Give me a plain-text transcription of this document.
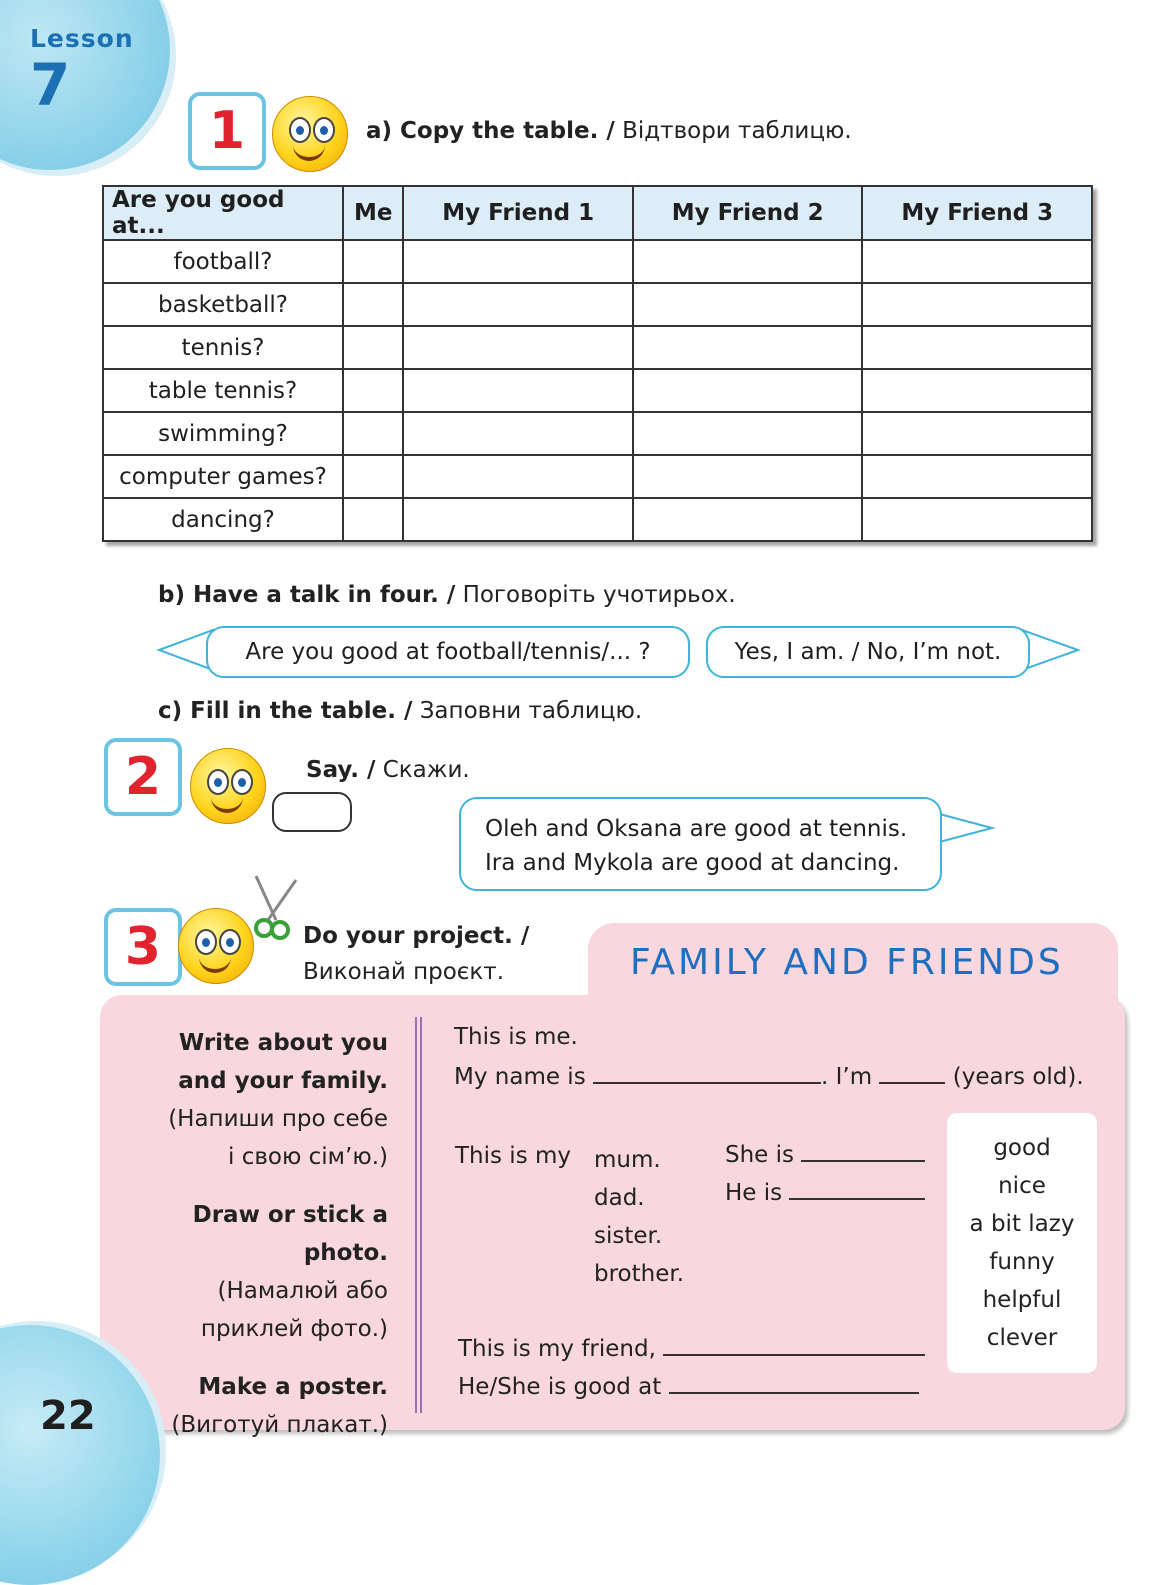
Lesson
7
1	a) Copy the table. / Відтвори таблицю.
Are you good at...	Me	My Friend 1	My Friend 2	My Friend 3
football?				
basketball?				
tennis?				
table tennis?				
swimming?				
computer games?				
dancing?				
b) Have a talk in four. / Поговоріть учотирьох.
Are you good at football/tennis/... ?	Yes, I am. / No, I’m not.
c) Fill in the table. / Заповни таблицю.
2	Say. / Скажи.
Oleh and Oksana are good at tennis.
Ira and Mykola are good at dancing.
3	Do your project. /
Виконай проєкт.	FAMILY AND FRIENDS
Write about you
and your family.
(Напиши про себе
і свою сім’ю.)
Draw or stick a photo.
(Намалюй або
приклей фото.)
Make a poster.
(Виготуй плакат.)
This is me.
My name is	. I’m	(years old).
This is my mum.
dad.
sister.
brother.
She is
He is
This is my friend,
He/She is good at
good
nice
a bit lazy
funny
helpful
clever
22
